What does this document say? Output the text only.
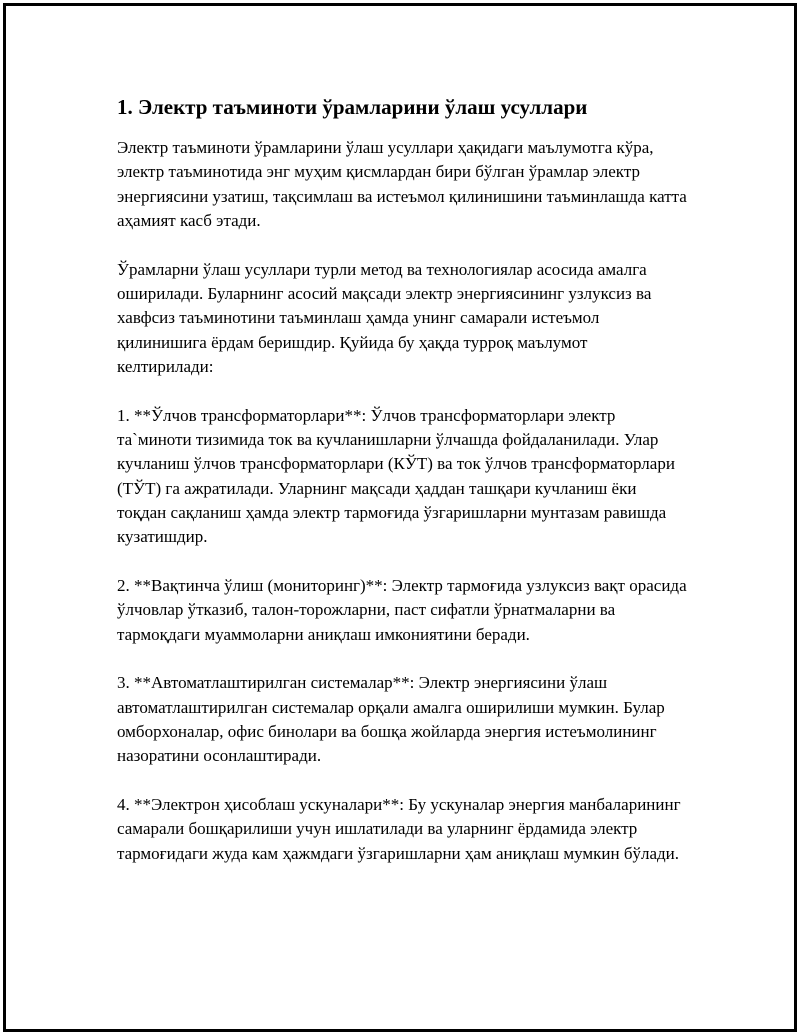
1. Электр таъминоти ўрамларини ўлаш усуллари

Электр таъминоти ўрамларини ўлаш усуллари ҳақидаги маълумотга кўра, электр таъминотида энг муҳим қисмлардан бири бўлган ўрамлар электр энергиясини узатиш, тақсимлаш ва истеъмол қилинишини таъминлашда катта аҳамият касб этади.

Ўрамларни ўлаш усуллари турли метод ва технологиялар асосида амалга оширилади. Буларнинг асосий мақсади электр энергиясининг узлуксиз ва хавфсиз таъминотини таъминлаш ҳамда унинг самарали истеъмол қилинишига ёрдам беришдир. Қуйида бу ҳақда турроқ маълумот келтирилади:

1. **Ўлчов трансформаторлари**: Ўлчов трансформаторлари электр та`миноти тизимида ток ва кучланишларни ўлчашда фойдаланилади. Улар кучланиш ўлчов трансформаторлари (КЎТ) ва ток ўлчов трансформаторлари (ТЎТ) га ажратилади. Уларнинг мақсади ҳаддан ташқари кучланиш ёки тоқдан сақланиш ҳамда электр тармоғида ўзгаришларни мунтазам равишда кузатишдир.

2. **Вақтинча ўлиш (мониторинг)**: Электр тармоғида узлуксиз вақт орасида ўлчовлар ўтказиб, талон-торожларни, паст сифатли ўрнатмаларни ва тармоқдаги муаммоларни аниқлаш имкониятини беради.

3. **Автоматлаштирилган системалар**: Электр энергиясини ўлаш автоматлаштирилган системалар орқали амалга оширилиши мумкин. Булар омборхоналар, офис бинолари ва бошқа жойларда энергия истеъмолининг назоратини осонлаштиради.

4. **Электрон ҳисоблаш ускуналари**: Бу ускуналар энергия манбаларининг самарали бошқарилиши учун ишлатилади ва уларнинг ёрдамида электр тармоғидаги жуда кам ҳажмдаги ўзгаришларни ҳам аниқлаш мумкин бўлади.
